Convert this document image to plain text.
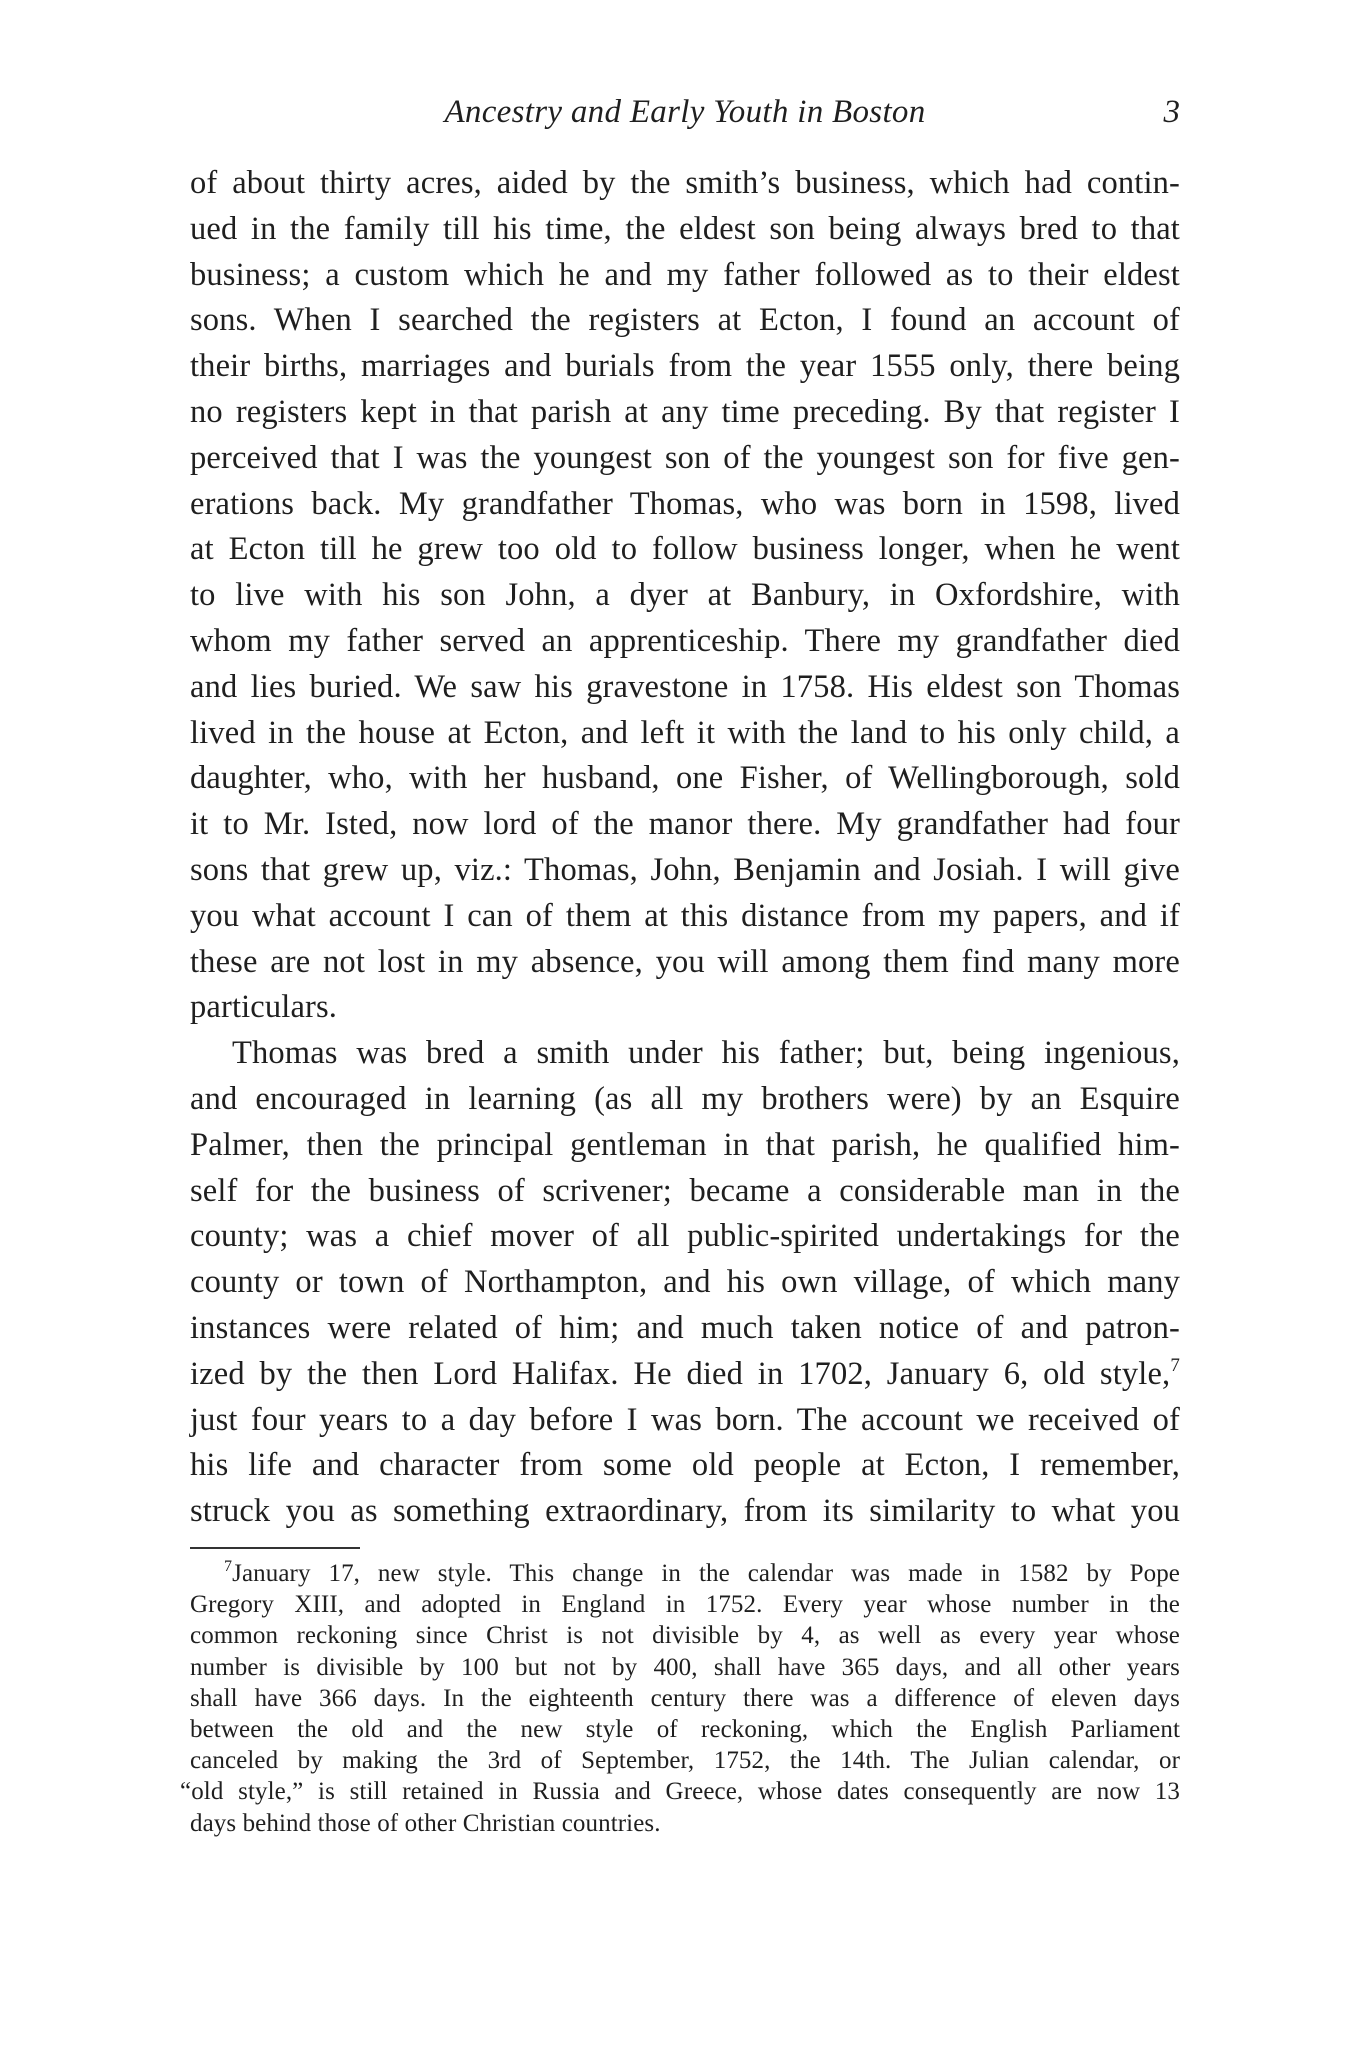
Ancestry and Early Youth in Boston	3
of about thirty acres, aided by the smith’s business, which had contin-
ued in the family till his time, the eldest son being always bred to that
business; a custom which he and my father followed as to their eldest
sons. When I searched the registers at Ecton, I found an account of
their births, marriages and burials from the year 1555 only, there being
no registers kept in that parish at any time preceding. By that register I
perceived that I was the youngest son of the youngest son for five gen-
erations back. My grandfather Thomas, who was born in 1598, lived
at Ecton till he grew too old to follow business longer, when he went
to live with his son John, a dyer at Banbury, in Oxfordshire, with
whom my father served an apprenticeship. There my grandfather died
and lies buried. We saw his gravestone in 1758. His eldest son Thomas
lived in the house at Ecton, and left it with the land to his only child, a
daughter, who, with her husband, one Fisher, of Wellingborough, sold
it to Mr. Isted, now lord of the manor there. My grandfather had four
sons that grew up, viz.: Thomas, John, Benjamin and Josiah. I will give
you what account I can of them at this distance from my papers, and if
these are not lost in my absence, you will among them find many more
particulars.
Thomas was bred a smith under his father; but, being ingenious,
and encouraged in learning (as all my brothers were) by an Esquire
Palmer, then the principal gentleman in that parish, he qualified him-
self for the business of scrivener; became a considerable man in the
county; was a chief mover of all public-spirited undertakings for the
county or town of Northampton, and his own village, of which many
instances were related of him; and much taken notice of and patron-
ized by the then Lord Halifax. He died in 1702, January 6, old style,$^7$
just four years to a day before I was born. The account we received of
his life and character from some old people at Ecton, I remember,
struck you as something extraordinary, from its similarity to what you
$^7$January 17, new style. This change in the calendar was made in 1582 by Pope
Gregory XIII, and adopted in England in 1752. Every year whose number in the
common reckoning since Christ is not divisible by 4, as well as every year whose
number is divisible by 100 but not by 400, shall have 365 days, and all other years
shall have 366 days. In the eighteenth century there was a difference of eleven days
between the old and the new style of reckoning, which the English Parliament
canceled by making the 3rd of September, 1752, the 14th. The Julian calendar, or
“old style,” is still retained in Russia and Greece, whose dates consequently are now 13
days behind those of other Christian countries.
